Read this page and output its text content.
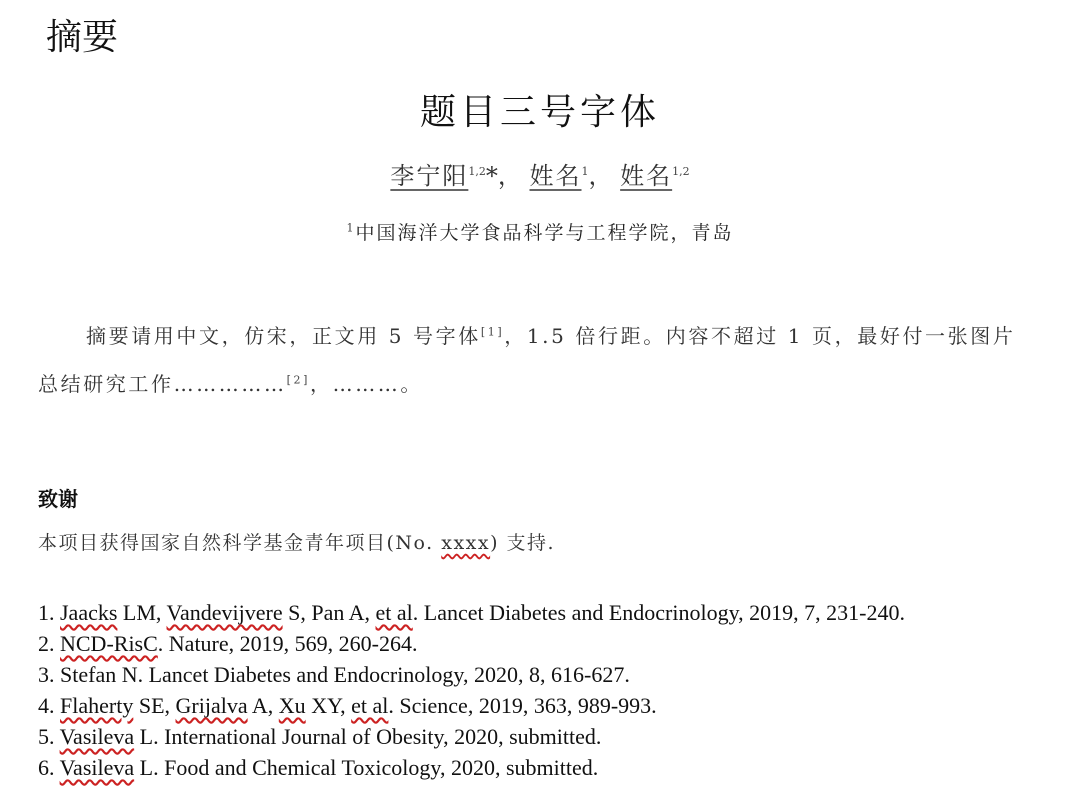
摘要
题目三号字体
李宁阳$^{1,2}$*， 姓名$^1$， 姓名$^{1,2}$
$^1$中国海洋大学食品科学与工程学院，青岛

摘要请用中文，仿宋，正文用 5 号字体[1]，1.5 倍行距。内容不超过 1 页，最好付一张图片总结研究工作……………[2]，………。

致谢

本项目获得国家自然科学基金青年项目(No. xxxx) 支持.

1. Jaacks LM, Vandevijvere S, Pan A, et al. Lancet Diabetes and Endocrinology, 2019, 7, 231-240.
2. NCD-RisC. Nature, 2019, 569, 260-264.
3. Stefan N. Lancet Diabetes and Endocrinology, 2020, 8, 616-627.
4. Flaherty SE, Grijalva A, Xu XY, et al. Science, 2019, 363, 989-993.
5. Vasileva L. International Journal of Obesity, 2020, submitted.
6. Vasileva L. Food and Chemical Toxicology, 2020, submitted.
